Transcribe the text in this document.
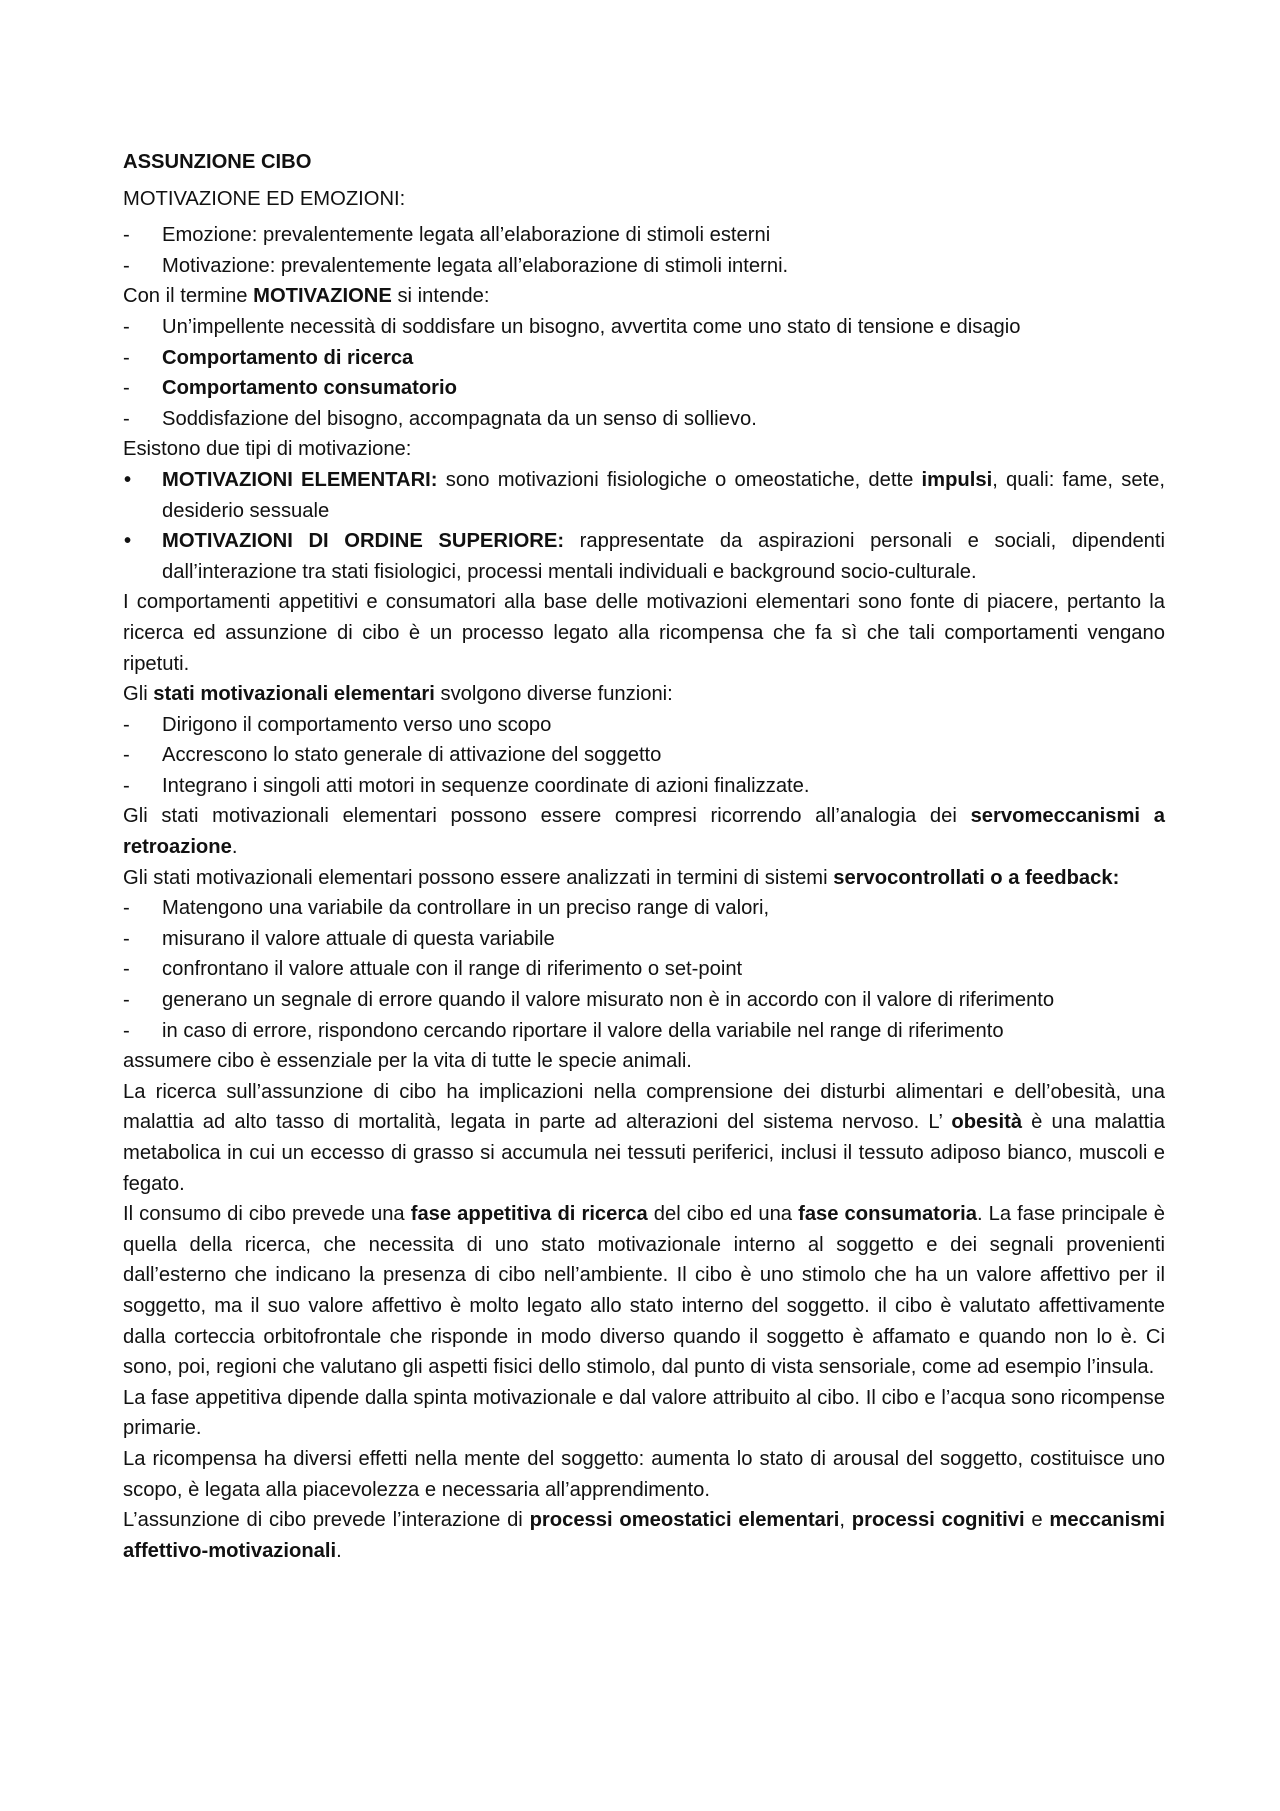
ASSUNZIONE CIBO

MOTIVAZIONE ED EMOZIONI:

- Emozione: prevalentemente legata all’elaborazione di stimoli esterni

- Motivazione: prevalentemente legata all’elaborazione di stimoli interni.

Con il termine MOTIVAZIONE si intende:

- Un’impellente necessità di soddisfare un bisogno, avvertita come uno stato di tensione e disagio

- Comportamento di ricerca

- Comportamento consumatorio

- Soddisfazione del bisogno, accompagnata da un senso di sollievo.

Esistono due tipi di motivazione:

• MOTIVAZIONI ELEMENTARI: sono motivazioni fisiologiche o omeostatiche, dette impulsi, quali: fame, sete, desiderio sessuale

• MOTIVAZIONI DI ORDINE SUPERIORE: rappresentate da aspirazioni personali e sociali, dipendenti dall’interazione tra stati fisiologici, processi mentali individuali e background socio-culturale.

I comportamenti appetitivi e consumatori alla base delle motivazioni elementari sono fonte di piacere, pertanto la ricerca ed assunzione di cibo è un processo legato alla ricompensa che fa sì che tali comportamenti vengano ripetuti.

Gli stati motivazionali elementari svolgono diverse funzioni:

- Dirigono il comportamento verso uno scopo

- Accrescono lo stato generale di attivazione del soggetto

- Integrano i singoli atti motori in sequenze coordinate di azioni finalizzate.

Gli stati motivazionali elementari possono essere compresi ricorrendo all’analogia dei servomeccanismi a retroazione.

Gli stati motivazionali elementari possono essere analizzati in termini di sistemi servocontrollati o a feedback:

- Matengono una variabile da controllare in un preciso range di valori,

- misurano il valore attuale di questa variabile

- confrontano il valore attuale con il range di riferimento o set-point

- generano un segnale di errore quando il valore misurato non è in accordo con il valore di riferimento

- in caso di errore, rispondono cercando riportare il valore della variabile nel range di riferimento

assumere cibo è essenziale per la vita di tutte le specie animali.

La ricerca sull’assunzione di cibo ha implicazioni nella comprensione dei disturbi alimentari e dell’obesità, una malattia ad alto tasso di mortalità, legata in parte ad alterazioni del sistema nervoso. L’ obesità è una malattia metabolica in cui un eccesso di grasso si accumula nei tessuti periferici, inclusi il tessuto adiposo bianco, muscoli e fegato.

Il consumo di cibo prevede una fase appetitiva di ricerca del cibo ed una fase consumatoria. La fase principale è quella della ricerca, che necessita di uno stato motivazionale interno al soggetto e dei segnali provenienti dall’esterno che indicano la presenza di cibo nell’ambiente. Il cibo è uno stimolo che ha un valore affettivo per il soggetto, ma il suo valore affettivo è molto legato allo stato interno del soggetto. il cibo è valutato affettivamente dalla corteccia orbitofrontale che risponde in modo diverso quando il soggetto è affamato e quando non lo è. Ci sono, poi, regioni che valutano gli aspetti fisici dello stimolo, dal punto di vista sensoriale, come ad esempio l’insula.

La fase appetitiva dipende dalla spinta motivazionale e dal valore attribuito al cibo. Il cibo e l’acqua sono ricompense primarie.

La ricompensa ha diversi effetti nella mente del soggetto: aumenta lo stato di arousal del soggetto, costituisce uno scopo, è legata alla piacevolezza e necessaria all’apprendimento.

L’assunzione di cibo prevede l’interazione di processi omeostatici elementari, processi cognitivi e meccanismi affettivo-motivazionali.
